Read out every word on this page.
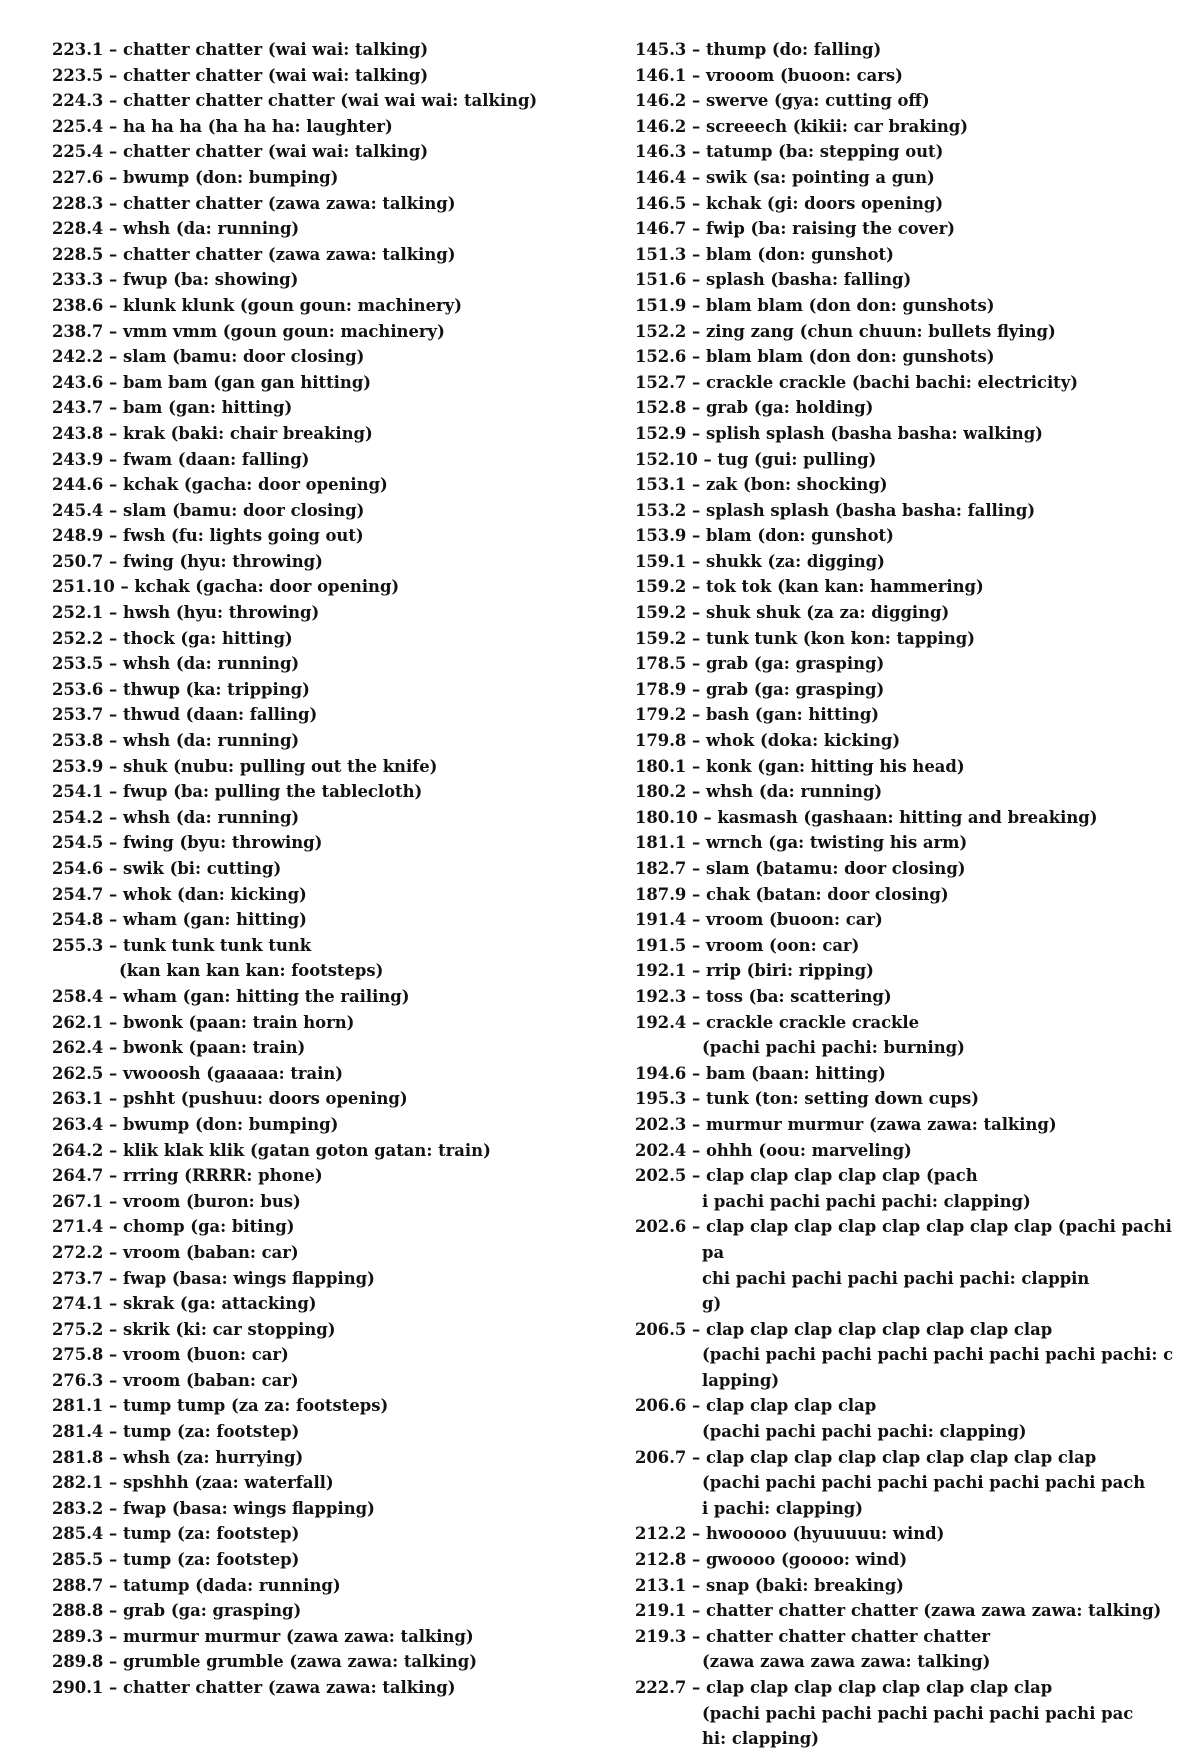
223.1 – chatter chatter (wai wai: talking)
223.5 – chatter chatter (wai wai: talking)
224.3 – chatter chatter chatter (wai wai wai: talking)
225.4 – ha ha ha (ha ha ha: laughter)
225.4 – chatter chatter (wai wai: talking)
227.6 – bwump (don: bumping)
228.3 – chatter chatter (zawa zawa: talking)
228.4 – whsh (da: running)
228.5 – chatter chatter (zawa zawa: talking)
233.3 – fwup (ba: showing)
238.6 – klunk klunk (goun goun: machinery)
238.7 – vmm vmm (goun goun: machinery)
242.2 – slam (bamu: door closing)
243.6 – bam bam (gan gan hitting)
243.7 – bam (gan: hitting)
243.8 – krak (baki: chair breaking)
243.9 – fwam (daan: falling)
244.6 – kchak (gacha: door opening)
245.4 – slam (bamu: door closing)
248.9 – fwsh (fu: lights going out)
250.7 – fwing (hyu: throwing)
251.10 – kchak (gacha: door opening)
252.1 – hwsh (hyu: throwing)
252.2 – thock (ga: hitting)
253.5 – whsh (da: running)
253.6 – thwup (ka: tripping)
253.7 – thwud (daan: falling)
253.8 – whsh (da: running)
253.9 – shuk (nubu: pulling out the knife)
254.1 – fwup (ba: pulling the tablecloth)
254.2 – whsh (da: running)
254.5 – fwing (byu: throwing)
254.6 – swik (bi: cutting)
254.7 – whok (dan: kicking)
254.8 – wham (gan: hitting)
255.3 – tunk tunk tunk tunk
(kan kan kan kan: footsteps)
258.4 – wham (gan: hitting the railing)
262.1 – bwonk (paan: train horn)
262.4 – bwonk (paan: train)
262.5 – vwooosh (gaaaaa: train)
263.1 – pshht (pushuu: doors opening)
263.4 – bwump (don: bumping)
264.2 – klik klak klik (gatan goton gatan: train)
264.7 – rrring (RRRR: phone)
267.1 – vroom (buron: bus)
271.4 – chomp (ga: biting)
272.2 – vroom (baban: car)
273.7 – fwap (basa: wings flapping)
274.1 – skrak (ga: attacking)
275.2 – skrik (ki: car stopping)
275.8 – vroom (buon: car)
276.3 – vroom (baban: car)
281.1 – tump tump (za za: footsteps)
281.4 – tump (za: footstep)
281.8 – whsh (za: hurrying)
282.1 – spshhh (zaa: waterfall)
283.2 – fwap (basa: wings flapping)
285.4 – tump (za: footstep)
285.5 – tump (za: footstep)
288.7 – tatump (dada: running)
288.8 – grab (ga: grasping)
289.3 – murmur murmur (zawa zawa: talking)
289.8 – grumble grumble (zawa zawa: talking)
290.1 – chatter chatter (zawa zawa: talking)
145.3 – thump (do: falling)
146.1 – vrooom (buoon: cars)
146.2 – swerve (gya: cutting off)
146.2 – screeech (kikii: car braking)
146.3 – tatump (ba: stepping out)
146.4 – swik (sa: pointing a gun)
146.5 – kchak (gi: doors opening)
146.7 – fwip (ba: raising the cover)
151.3 – blam (don: gunshot)
151.6 – splash (basha: falling)
151.9 – blam blam (don don: gunshots)
152.2 – zing zang (chun chuun: bullets flying)
152.6 – blam blam (don don: gunshots)
152.7 – crackle crackle (bachi bachi: electricity)
152.8 – grab (ga: holding)
152.9 – splish splash (basha basha: walking)
152.10 – tug (gui: pulling)
153.1 – zak (bon: shocking)
153.2 – splash splash (basha basha: falling)
153.9 – blam (don: gunshot)
159.1 – shukk (za: digging)
159.2 – tok tok (kan kan: hammering)
159.2 – shuk shuk (za za: digging)
159.2 – tunk tunk (kon kon: tapping)
178.5 – grab (ga: grasping)
178.9 – grab (ga: grasping)
179.2 – bash (gan: hitting)
179.8 – whok (doka: kicking)
180.1 – konk (gan: hitting his head)
180.2 – whsh (da: running)
180.10 – kasmash (gashaan: hitting and breaking)
181.1 – wrnch (ga: twisting his arm)
182.7 – slam (batamu: door closing)
187.9 – chak (batan: door closing)
191.4 – vroom (buoon: car)
191.5 – vroom (oon: car)
192.1 – rrip (biri: ripping)
192.3 – toss (ba: scattering)
192.4 – crackle crackle crackle
(pachi pachi pachi: burning)
194.6 – bam (baan: hitting)
195.3 – tunk (ton: setting down cups)
202.3 – murmur murmur (zawa zawa: talking)
202.4 – ohhh (oou: marveling)
202.5 – clap clap clap clap clap (pach
i pachi pachi pachi pachi: clapping)
202.6 – clap clap clap clap clap clap clap clap (pachi pachi pa
chi pachi pachi pachi pachi pachi: clappin
g)
206.5 – clap clap clap clap clap clap clap clap
(pachi pachi pachi pachi pachi pachi pachi pachi: c
lapping)
206.6 – clap clap clap clap
(pachi pachi pachi pachi: clapping)
206.7 – clap clap clap clap clap clap clap clap clap
(pachi pachi pachi pachi pachi pachi pachi pach
i pachi: clapping)
212.2 – hwooooo (hyuuuuu: wind)
212.8 – gwoooo (goooo: wind)
213.1 – snap (baki: breaking)
219.1 – chatter chatter chatter (zawa zawa zawa: talking)
219.3 – chatter chatter chatter chatter
(zawa zawa zawa zawa: talking)
222.7 – clap clap clap clap clap clap clap clap
(pachi pachi pachi pachi pachi pachi pachi pac
hi: clapping)
